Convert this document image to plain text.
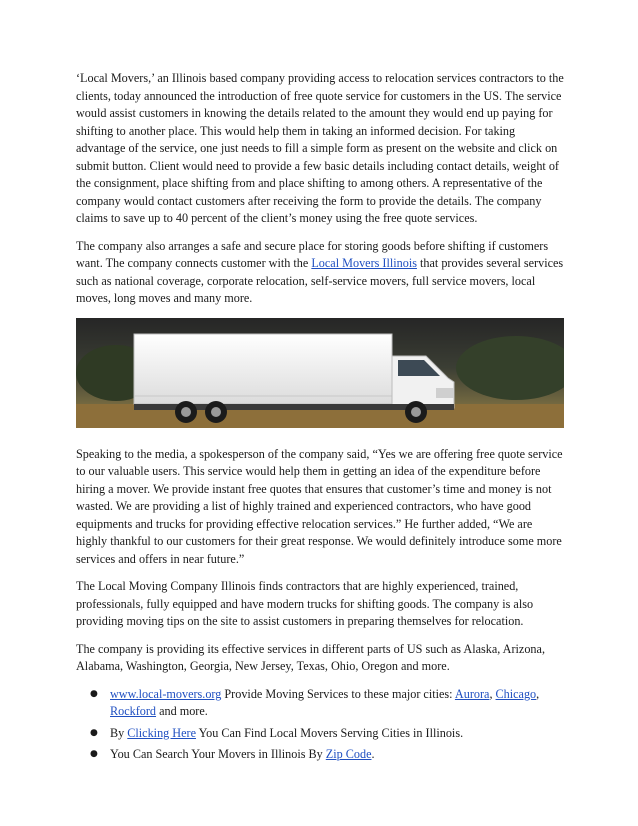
‘Local Movers,’ an Illinois based company providing access to relocation services contractors to the clients, today announced the introduction of free quote service for customers in the US. The service would assist customers in knowing the details related to the amount they would end up paying for shifting to another place. This would help them in taking an informed decision. For taking advantage of the service, one just needs to fill a simple form as present on the website and click on submit button. Client would need to provide a few basic details including contact details, weight of the consignment, place shifting from and place shifting to among others. A representative of the company would contact customers after receiving the form to provide the details. The company claims to save up to 40 percent of the client’s money using the free quote services.

The company also arranges a safe and secure place for storing goods before shifting if customers want. The company connects customer with the Local Movers Illinois that provides several services such as national coverage, corporate relocation, self-service movers, full service movers, local moves, long moves and many more.

Speaking to the media, a spokesperson of the company said, “Yes we are offering free quote service to our valuable users. This service would help them in getting an idea of the expenditure before hiring a mover. We provide instant free quotes that ensures that customer’s time and money is not wasted. We are providing a list of highly trained and experienced contractors, who have good equipments and trucks for providing effective relocation services.” He further added, “We are highly thankful to our customers for their great response. We would definitely introduce some more services and offers in near future.”

The Local Moving Company Illinois finds contractors that are highly experienced, trained, professionals, fully equipped and have modern trucks for shifting goods. The company is also providing moving tips on the site to assist customers in preparing themselves for relocation.

The company is providing its effective services in different parts of US such as Alaska, Arizona, Alabama, Washington, Georgia, New Jersey, Texas, Ohio, Oregon and more.

● www.local-movers.org Provide Moving Services to these major cities: Aurora, Chicago,
Rockford and more.
● By Clicking Here You Can Find Local Movers Serving Cities in Illinois.
● You Can Search Your Movers in Illinois By Zip Code.
